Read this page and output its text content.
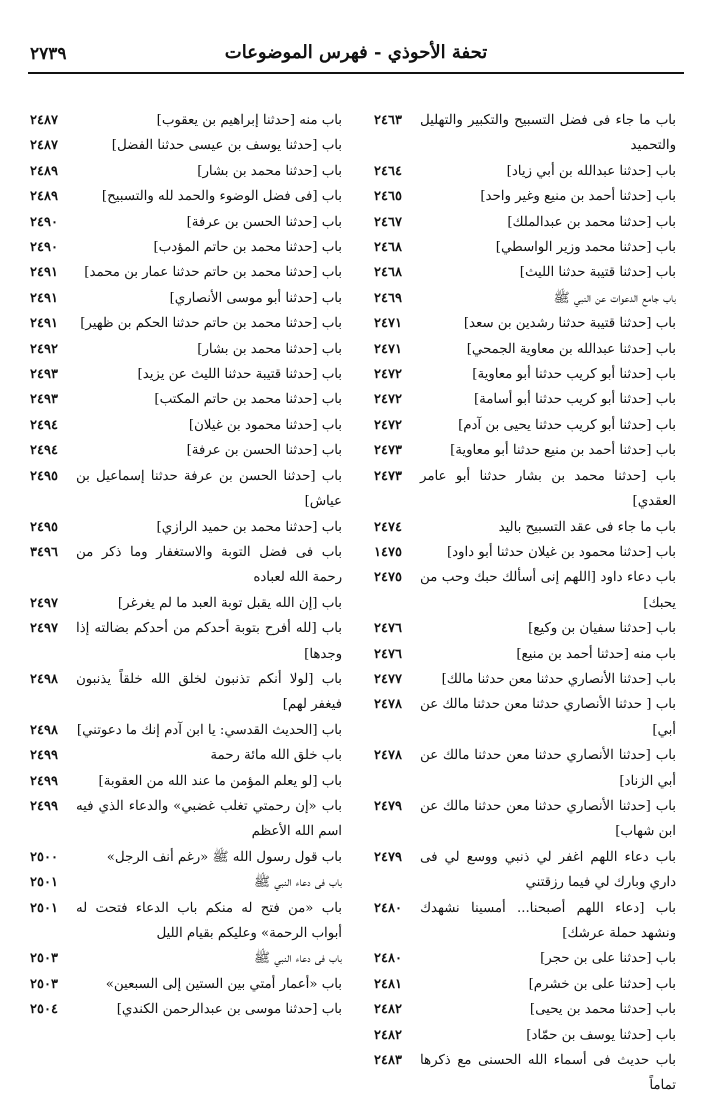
٢٧٣٩	تحفة الأحوذي - فهرس الموضوعات
باب ما جاء فى فضل التسبيح والتكبير والتهليل والتحميد
٢٤٦٣
باب [حدثنا عبدالله بن أبي زياد]
٢٤٦٤
باب [حدثنا أحمد بن منيع وغير واحد]
٢٤٦٥
باب [حدثنا محمد بن عبدالملك]
٢٤٦٧
باب [حدثنا محمد وزير الواسطي]
٢٤٦٨
باب [حدثنا قتيبة حدثنا الليث]
٢٤٦٨
باب جامع الدعوات عن النبي ﷺ
٢٤٦٩
باب [حدثنا قتيبة حدثنا رشدين بن سعد]
٢٤٧١
باب [حدثنا عبدالله بن معاوية الجمحي]
٢٤٧١
باب [حدثنا أبو كريب حدثنا أبو معاوية]
٢٤٧٢
باب [حدثنا أبو كريب حدثنا أبو أسامة]
٢٤٧٢
باب [حدثنا أبو كريب حدثنا يحيى بن آدم]
٢٤٧٢
باب [حدثنا أحمد بن منيع حدثنا أبو معاوية]
٢٤٧٣
باب [حدثنا محمد بن بشار حدثنا أبو عامر العقدي]
٢٤٧٣
باب ما جاء فى عقد التسبيح باليد
٢٤٧٤
باب [حدثنا محمود بن غيلان حدثنا أبو داود]
١٤٧٥
باب دعاء داود [اللهم إنى أسألك حبك وحب من يحبك]
٢٤٧٥
باب [حدثنا سفيان بن وكيع]
٢٤٧٦
باب منه [حدثنا أحمد بن منيع]
٢٤٧٦
باب [حدثنا الأنصاري حدثنا معن حدثنا مالك]
٢٤٧٧
باب [ حدثنا الأنصاري حدثنا معن حدثنا مالك عن أبي]
٢٤٧٨
باب [حدثنا الأنصاري حدثنا معن حدثنا مالك عن أبي الزناد]
٢٤٧٨
باب [حدثنا الأنصاري حدثنا معن حدثنا مالك عن ابن شهاب]
٢٤٧٩
باب دعاء اللهم اغفر لي ذنبي ووسع لي فى داري وبارك لي فيما رزقتني
٢٤٧٩
باب [دعاء اللهم أصبحنا... أمسينا نشهدك ونشهد حملة عرشك]
٢٤٨٠
باب [حدثنا على بن حجر]
٢٤٨٠
باب [حدثنا على بن خشرم]
٢٤٨١
باب [حدثنا محمد بن يحيى]
٢٤٨٢
باب [حدثنا يوسف بن حمّاد]
٢٤٨٢
باب حديث فى أسماء الله الحسنى مع ذكرها تماماً
٢٤٨٣
باب منه [حدثنا إبراهيم بن يعقوب]
٢٤٨٧
باب [حدثنا يوسف بن عيسى حدثنا الفضل]
٢٤٨٧
باب [حدثنا محمد بن بشار]
٢٤٨٩
باب [فى فضل الوضوء والحمد لله والتسبيح]
٢٤٨٩
باب [حدثنا الحسن بن عرفة]
٢٤٩٠
باب [حدثنا محمد بن حاتم المؤدب]
٢٤٩٠
باب [حدثنا محمد بن حاتم حدثنا عمار بن محمد]
٢٤٩١
باب [حدثنا أبو موسى الأنصاري]
٢٤٩١
باب [حدثنا محمد بن حاتم حدثنا الحكم بن ظهير]
٢٤٩١
باب [حدثنا محمد بن بشار]
٢٤٩٢
باب [حدثنا قتيبة حدثنا الليث عن يزيد]
٢٤٩٣
باب [حدثنا محمد بن حاتم المكتب]
٢٤٩٣
باب [حدثنا محمود بن غيلان]
٢٤٩٤
باب [حدثنا الحسن بن عرفة]
٢٤٩٤
باب [حدثنا الحسن بن عرفة حدثنا إسماعيل بن عياش]
٢٤٩٥
باب [حدثنا محمد بن حميد الرازي]
٢٤٩٥
باب فى فضل التوبة والاستغفار وما ذكر من رحمة الله لعباده
٣٤٩٦
باب [إن الله يقبل توبة العبد ما لم يغرغر]
٢٤٩٧
باب [لله أفرح بتوبة أحدكم من أحدكم بضالته إذا وجدها]
٢٤٩٧
باب [لولا أنكم تذنبون لخلق الله خلقاً يذنبون فيغفر لهم]
٢٤٩٨
باب [الحديث القدسي: يا ابن آدم إنك ما دعوتني]
٢٤٩٨
باب خلق الله مائة رحمة
٢٤٩٩
باب [لو يعلم المؤمن ما عند الله من العقوبة]
٢٤٩٩
باب «إن رحمتي تغلب غضبي» والدعاء الذي فيه اسم الله الأعظم
٢٤٩٩
باب قول رسول الله ﷺ «رغم أنف الرجل»
٢٥٠٠
باب فى دعاء النبي ﷺ
٢٥٠١
باب «من فتح له منكم باب الدعاء فتحت له أبواب الرحمة» وعليكم بقيام الليل
٢٥٠١
باب فى دعاء النبي ﷺ
٢٥٠٣
باب «أعمار أمتي بين الستين إلى السبعين»
٢٥٠٣
باب [حدثنا موسى بن عبدالرحمن الكندي]
٢٥٠٤
